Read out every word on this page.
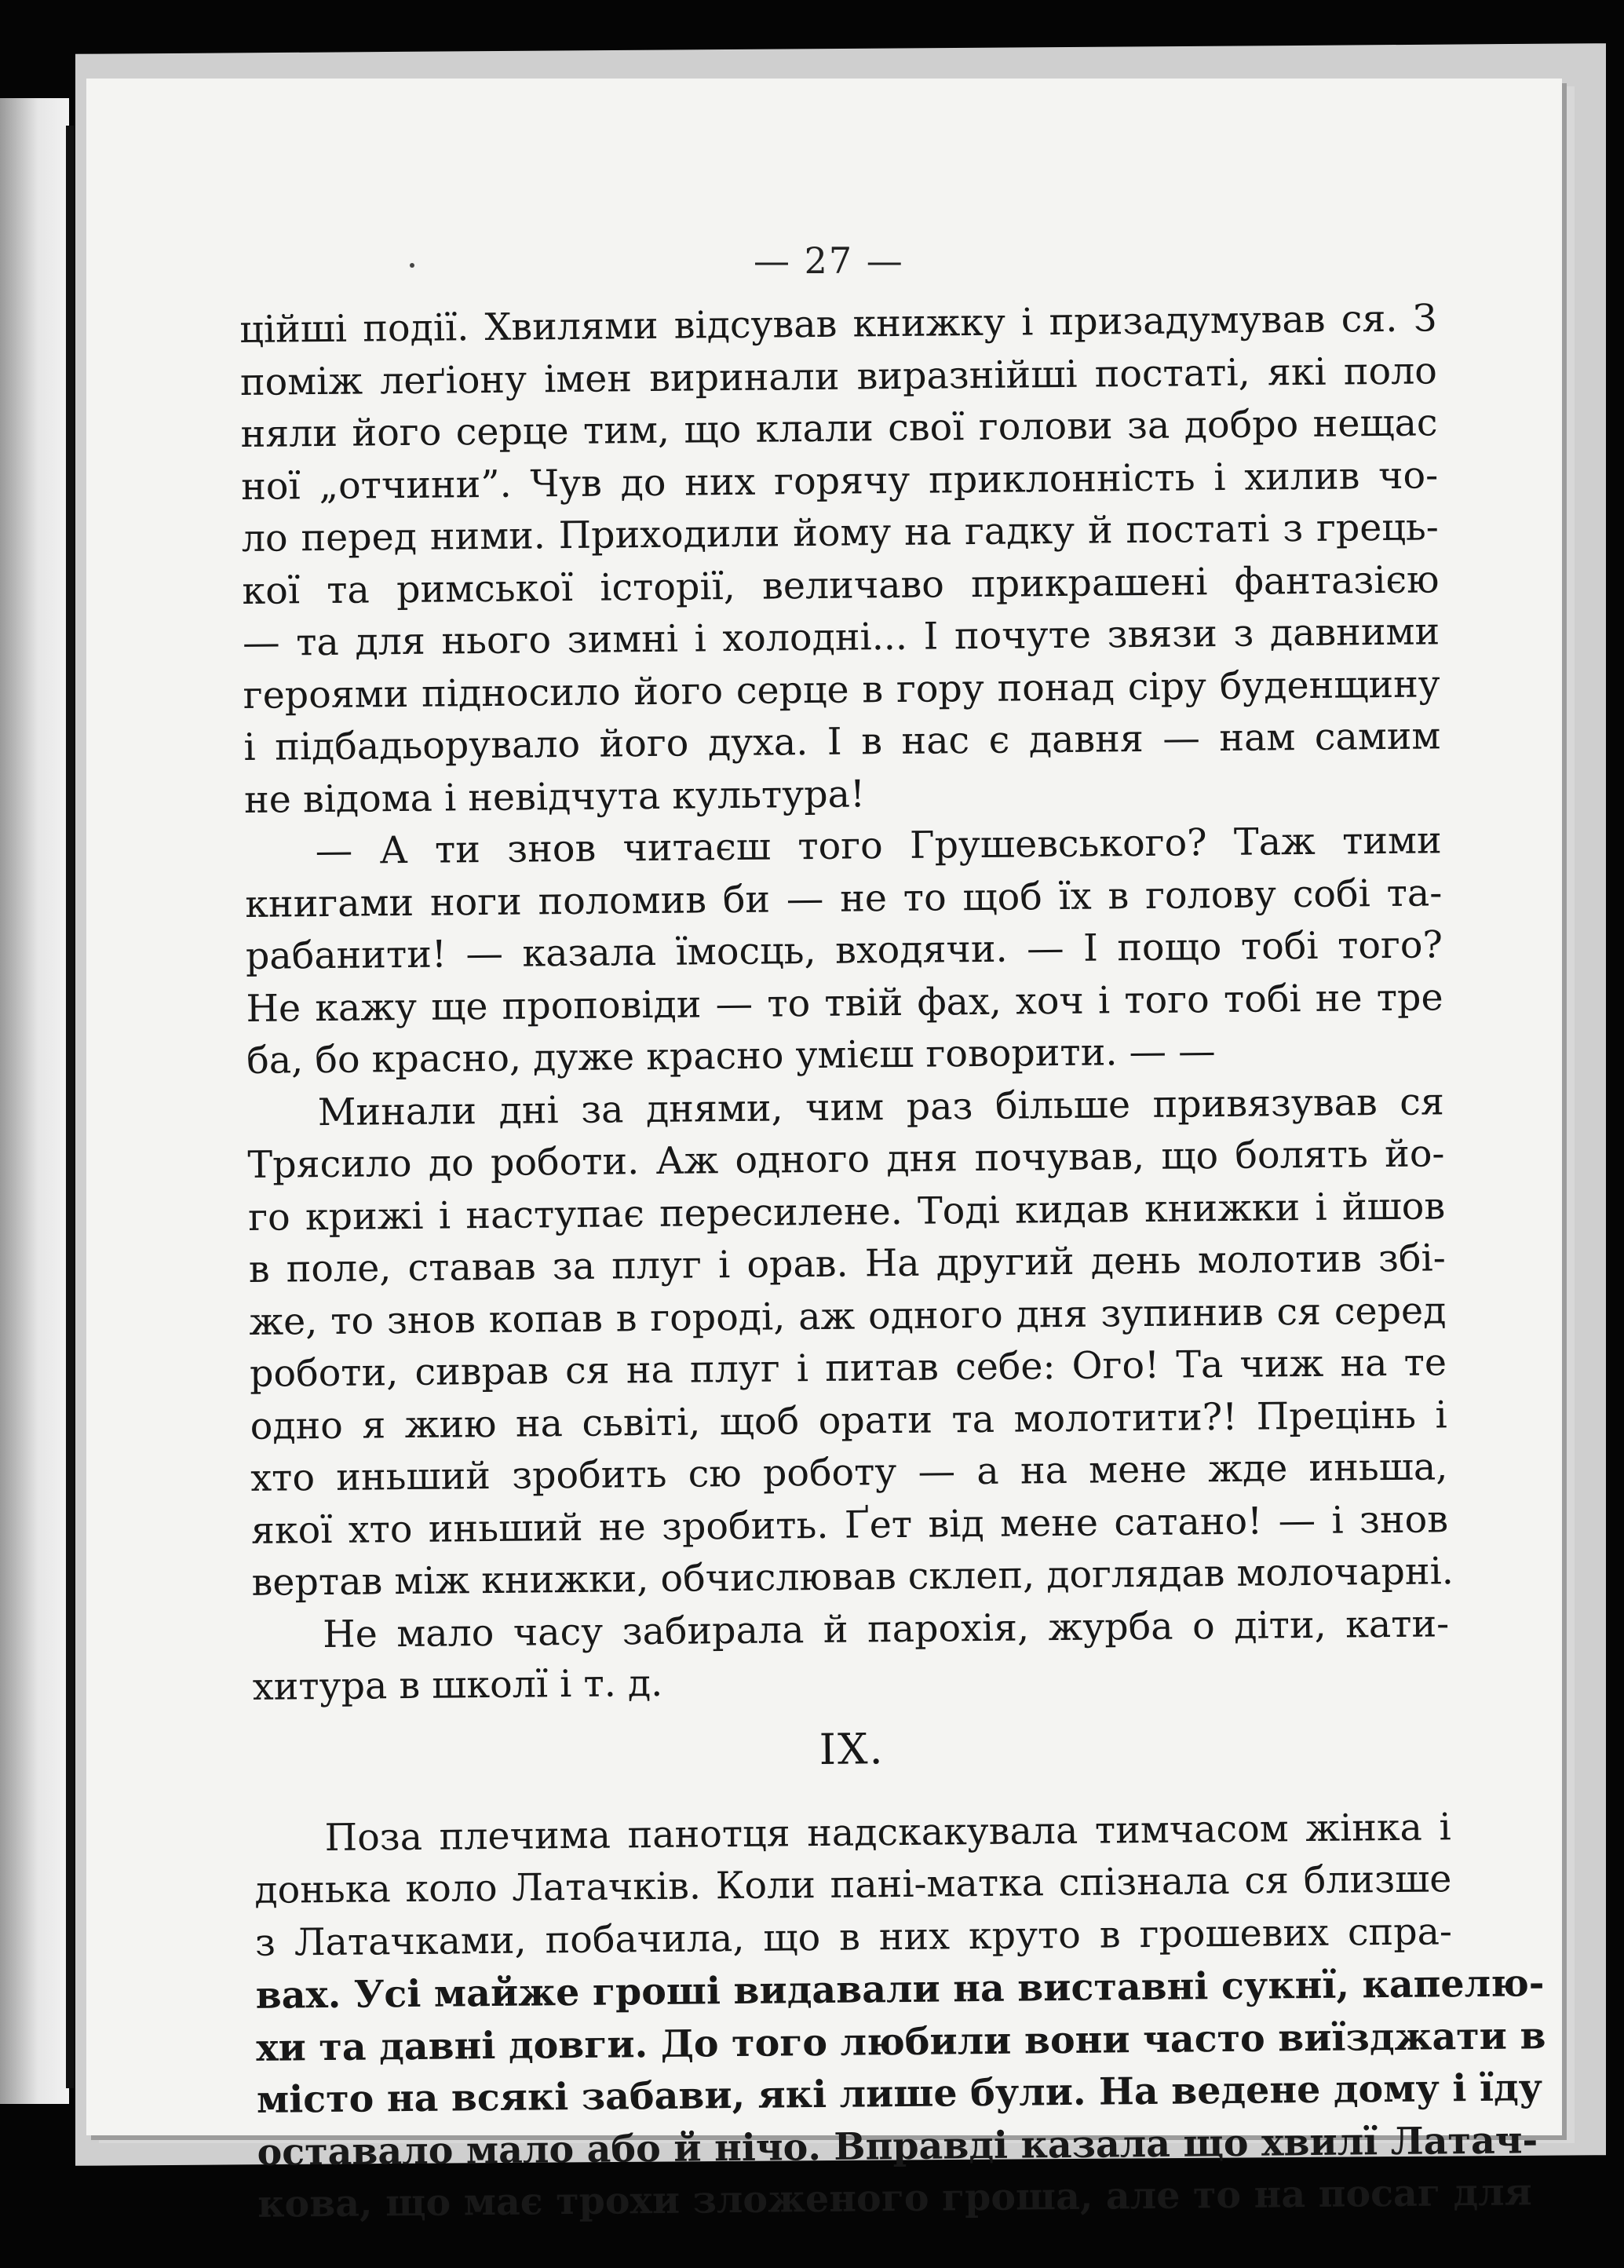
— 27 —
ційші події. Хвилями відсував книжку і призадумував ся. З
поміж леґіону імен виринали виразнійші постаті, які поло
няли його серце тим, що клали свої голови за добро нещас
ної „отчини”. Чув до них горячу приклонність і хилив чо-
ло перед ними. Приходили йому на гадку й постаті з грець-
кої та римської історії, величаво прикрашені фантазією
— та для нього зимні і холодні... І почуте звязи з давними
героями підносило його серце в гору понад сіру буденщину
і підбадьорувало його духа. І в нас є давня — нам самим
не відома і невідчута культура!
— А ти знов читаєш того Грушевського? Таж тими
книгами ноги поломив би — не то щоб їх в голову собі та-
рабанити! — казала їмосць, входячи. — І пощо тобі того?
Не кажу ще проповіди — то твій фах, хоч і того тобі не тре
ба, бо красно, дуже красно умієш говорити. — —
Минали дні за днями, чим раз більше привязував ся
Трясило до роботи. Аж одного дня почував, що болять йо-
го крижі і наступає пересилене. Тоді кидав книжки і йшов
в поле, ставав за плуг і орав. На другий день молотив збі-
же, то знов копав в городі, аж одного дня зупинив ся серед
роботи, сиврав ся на плуг і питав себе: Ого! Та чиж на те
одно я жию на сьвіті, щоб орати та молотити?! Прецінь і
хто иньший зробить сю роботу — а на мене жде иньша,
якої хто иньший не зробить. Ґет від мене сатано! — і знов
вертав між книжки, обчислював склеп, доглядав молочарні.
Не мало часу забирала й парохія, журба о діти, кати-
хитура в школї і т. д.
IX.
Поза плечима панотця надскакувала тимчасом жінка і
донька коло Латачків. Коли пані-матка спізнала ся близше
з Латачками, побачила, що в них круто в грошевих спра-
вах. Усі майже гроші видавали на виставні сукнї, капелю-
хи та давні довги. До того любили вони часто виїзджати в
місто на всякі забави, які лише були. На ведене дому і їду
оставало мало або й нічо. Вправді казала що хвилї Латач-
кова, що має трохи зложеного гроша, але то на посаг для
